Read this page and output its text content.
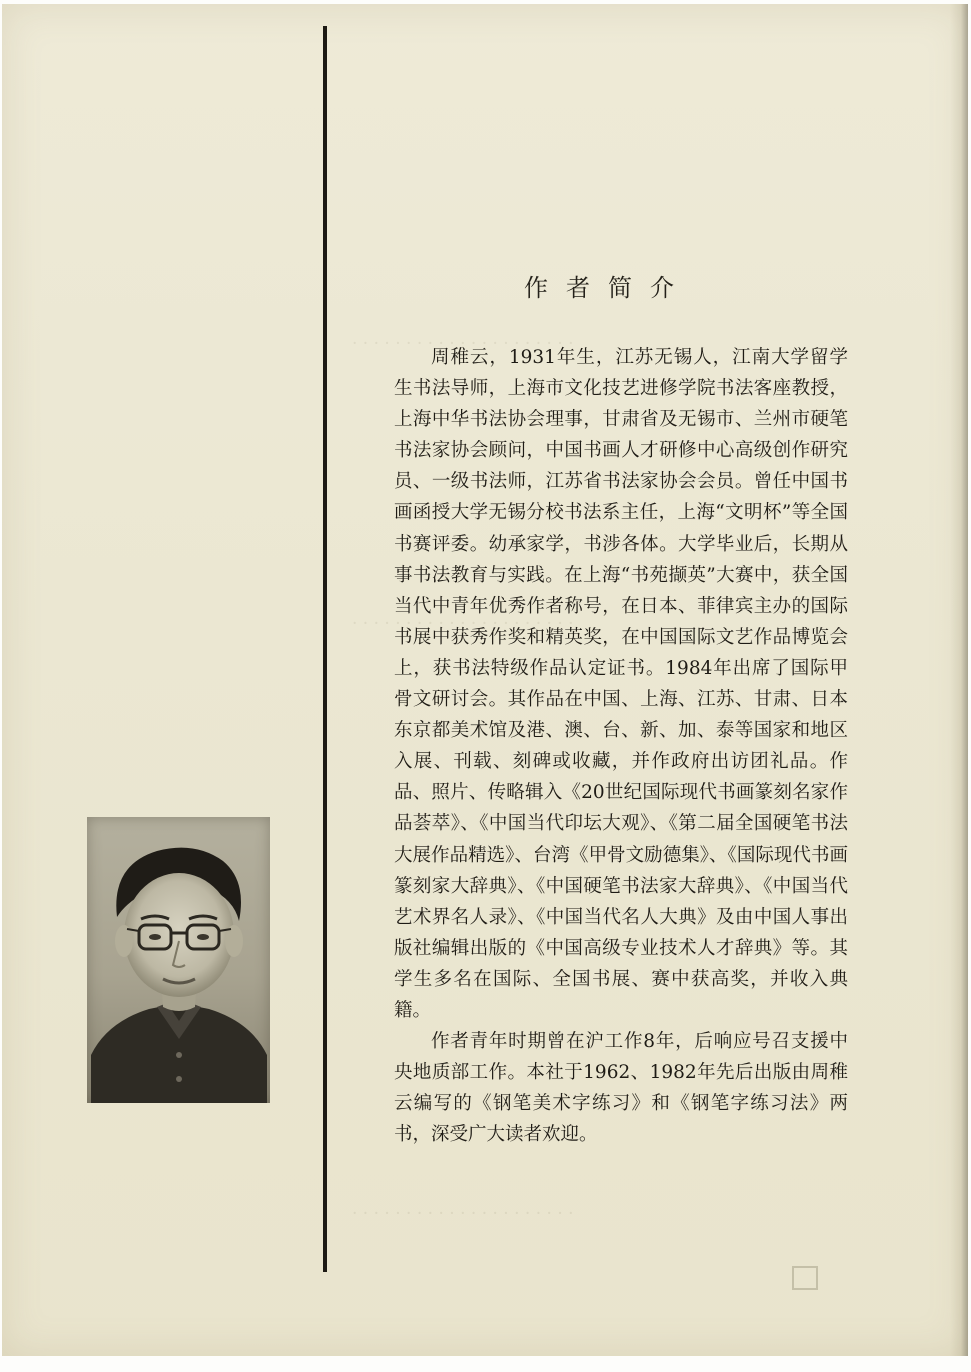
· · · · · · · · · · · · · · · · · · · · ·
· · · · · · · · · · · · · · · · · · · · ·
· · · · · · · · · · · · · · · · · · · · ·
作者简介

周稚云，1931年生，江苏无锡人，江南大学留学生书法导师，上海市文化技艺进修学院书法客座教授，上海中华书法协会理事，甘肃省及无锡市、兰州市硬笔书法家协会顾问，中国书画人才研修中心高级创作研究员、一级书法师，江苏省书法家协会会员。曾任中国书画函授大学无锡分校书法系主任，上海“文明杯”等全国书赛评委。幼承家学，书涉各体。大学毕业后，长期从事书法教育与实践。在上海“书苑撷英”大赛中，获全国当代中青年优秀作者称号，在日本、菲律宾主办的国际书展中获秀作奖和精英奖，在中国国际文艺作品博览会上，获书法特级作品认定证书。1984年出席了国际甲骨文研讨会。其作品在中国、上海、江苏、甘肃、日本东京都美术馆及港、澳、台、新、加、泰等国家和地区入展、刊载、刻碑或收藏，并作政府出访团礼品。作品、照片、传略辑入《20世纪国际现代书画篆刻名家作品荟萃》、《中国当代印坛大观》、《第二届全国硬笔书法大展作品精选》、台湾《甲骨文励德集》、《国际现代书画篆刻家大辞典》、《中国硬笔书法家大辞典》、《中国当代艺术界名人录》、《中国当代名人大典》及由中国人事出版社编辑出版的《中国高级专业技术人才辞典》等。其学生多名在国际、全国书展、赛中获高奖，并收入典籍。

作者青年时期曾在沪工作8年，后响应号召支援中央地质部工作。本社于1962、1982年先后出版由周稚云编写的《钢笔美术字练习》和《钢笔字练习法》两书，深受广大读者欢迎。
